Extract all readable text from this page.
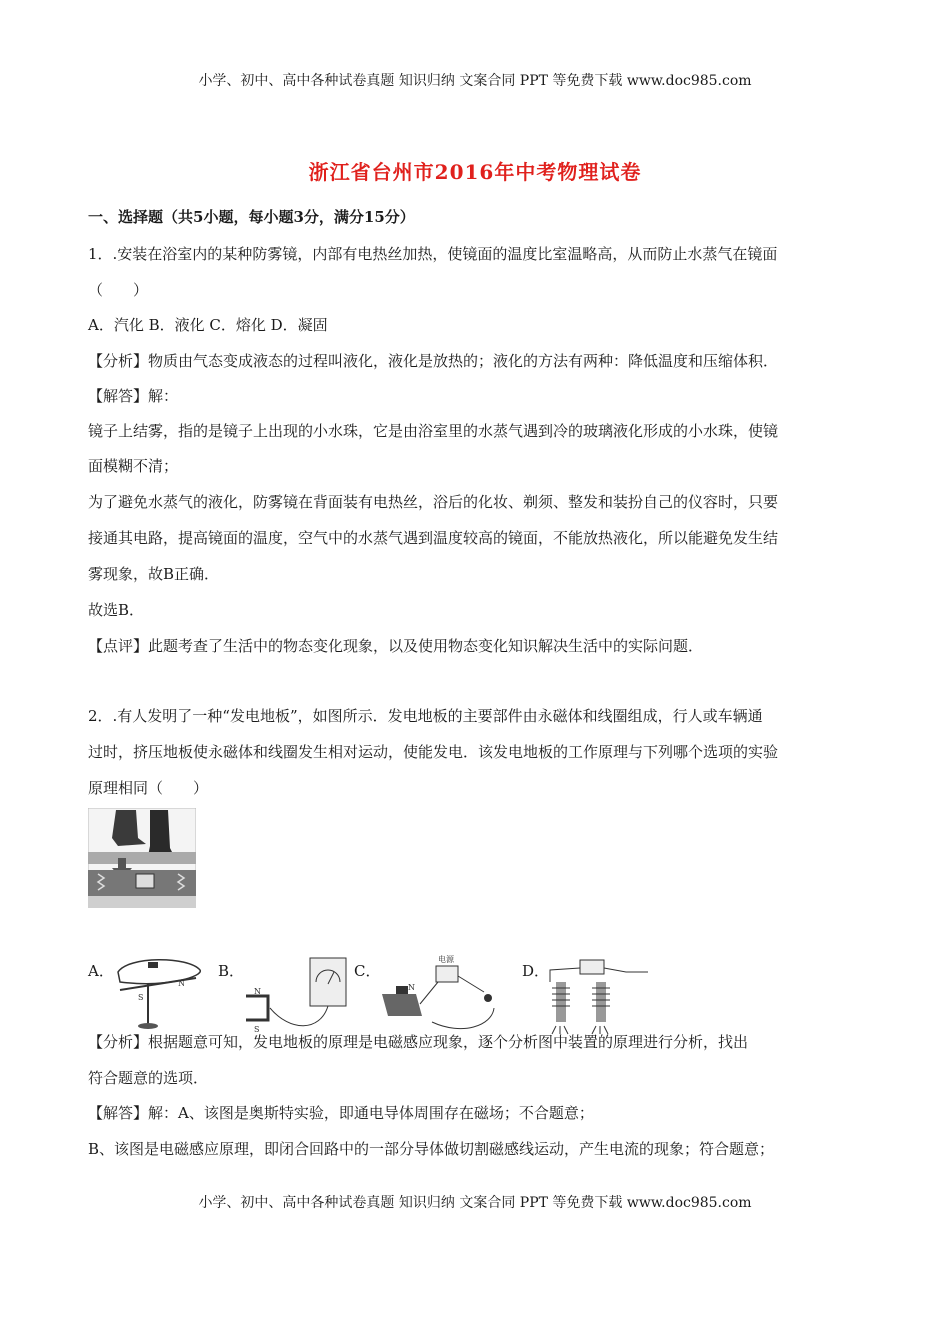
小学、初中、高中各种试卷真题 知识归纳 文案合同 PPT 等免费下载 www.doc985.com
浙江省台州市2016年中考物理试卷
一、选择题（共5小题，每小题3分，满分15分）
1．.安装在浴室内的某种防雾镜，内部有电热丝加热，使镜面的温度比室温略高，从而防止水蒸气在镜面
（　　）
A．汽化 B．液化 C．熔化 D．凝固
【分析】物质由气态变成液态的过程叫液化，液化是放热的；液化的方法有两种：降低温度和压缩体积．
【解答】解：
镜子上结雾，指的是镜子上出现的小水珠，它是由浴室里的水蒸气遇到冷的玻璃液化形成的小水珠，使镜
面模糊不清；
为了避免水蒸气的液化，防雾镜在背面装有电热丝，浴后的化妆、剃须、整发和装扮自己的仪容时，只要
接通其电路，提高镜面的温度，空气中的水蒸气遇到温度较高的镜面，不能放热液化，所以能避免发生结
雾现象，故B正确．
故选B．
【点评】此题考查了生活中的物态变化现象，以及使用物态变化知识解决生活中的实际问题．
2．.有人发明了一种“发电地板”，如图所示．发电地板的主要部件由永磁体和线圈组成，行人或车辆通
过时，挤压地板使永磁体和线圈发生相对运动，使能发电．该发电地板的工作原理与下列哪个选项的实验
原理相同（　　）
A．
S
N
B．
N
S
C．
电源
N
D．
【分析】根据题意可知，发电地板的原理是电磁感应现象，逐个分析图中装置的原理进行分析，找出
符合题意的选项．
【解答】解：A、该图是奥斯特实验，即通电导体周围存在磁场；不合题意；
B、该图是电磁感应原理，即闭合回路中的一部分导体做切割磁感线运动，产生电流的现象；符合题意；
小学、初中、高中各种试卷真题 知识归纳 文案合同 PPT 等免费下载 www.doc985.com
